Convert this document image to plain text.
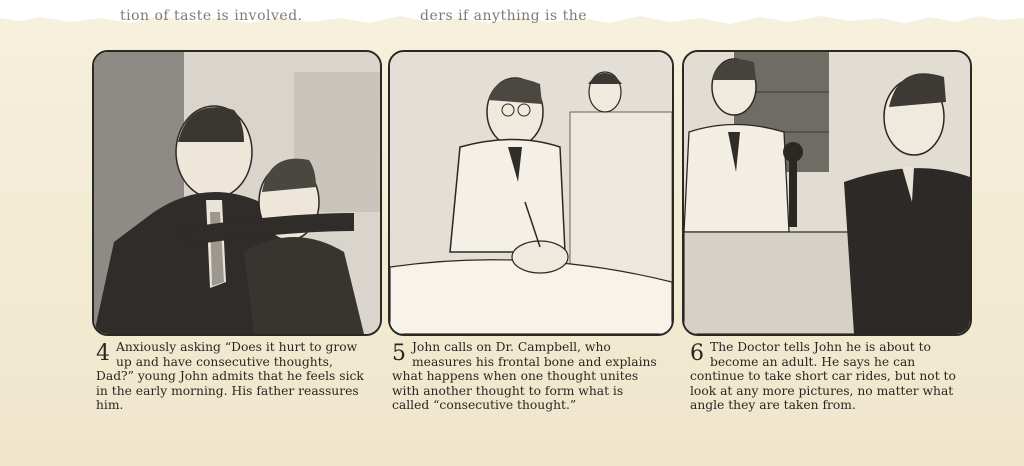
tion of taste is involved.	ders if anything is the
4 Anxiously asking “Does it hurt to grow up and have consecutive thoughts, Dad?” young John admits that he feels sick in the early morning. His father reassures him.
5 John calls on Dr. Campbell, who measures his frontal bone and explains what happens when one thought unites with another thought to form what is called “consecutive thought.”
6 The Doctor tells John he is about to become an adult. He says he can continue to take short car rides, but not to look at any more pictures, no matter what angle they are taken from.
